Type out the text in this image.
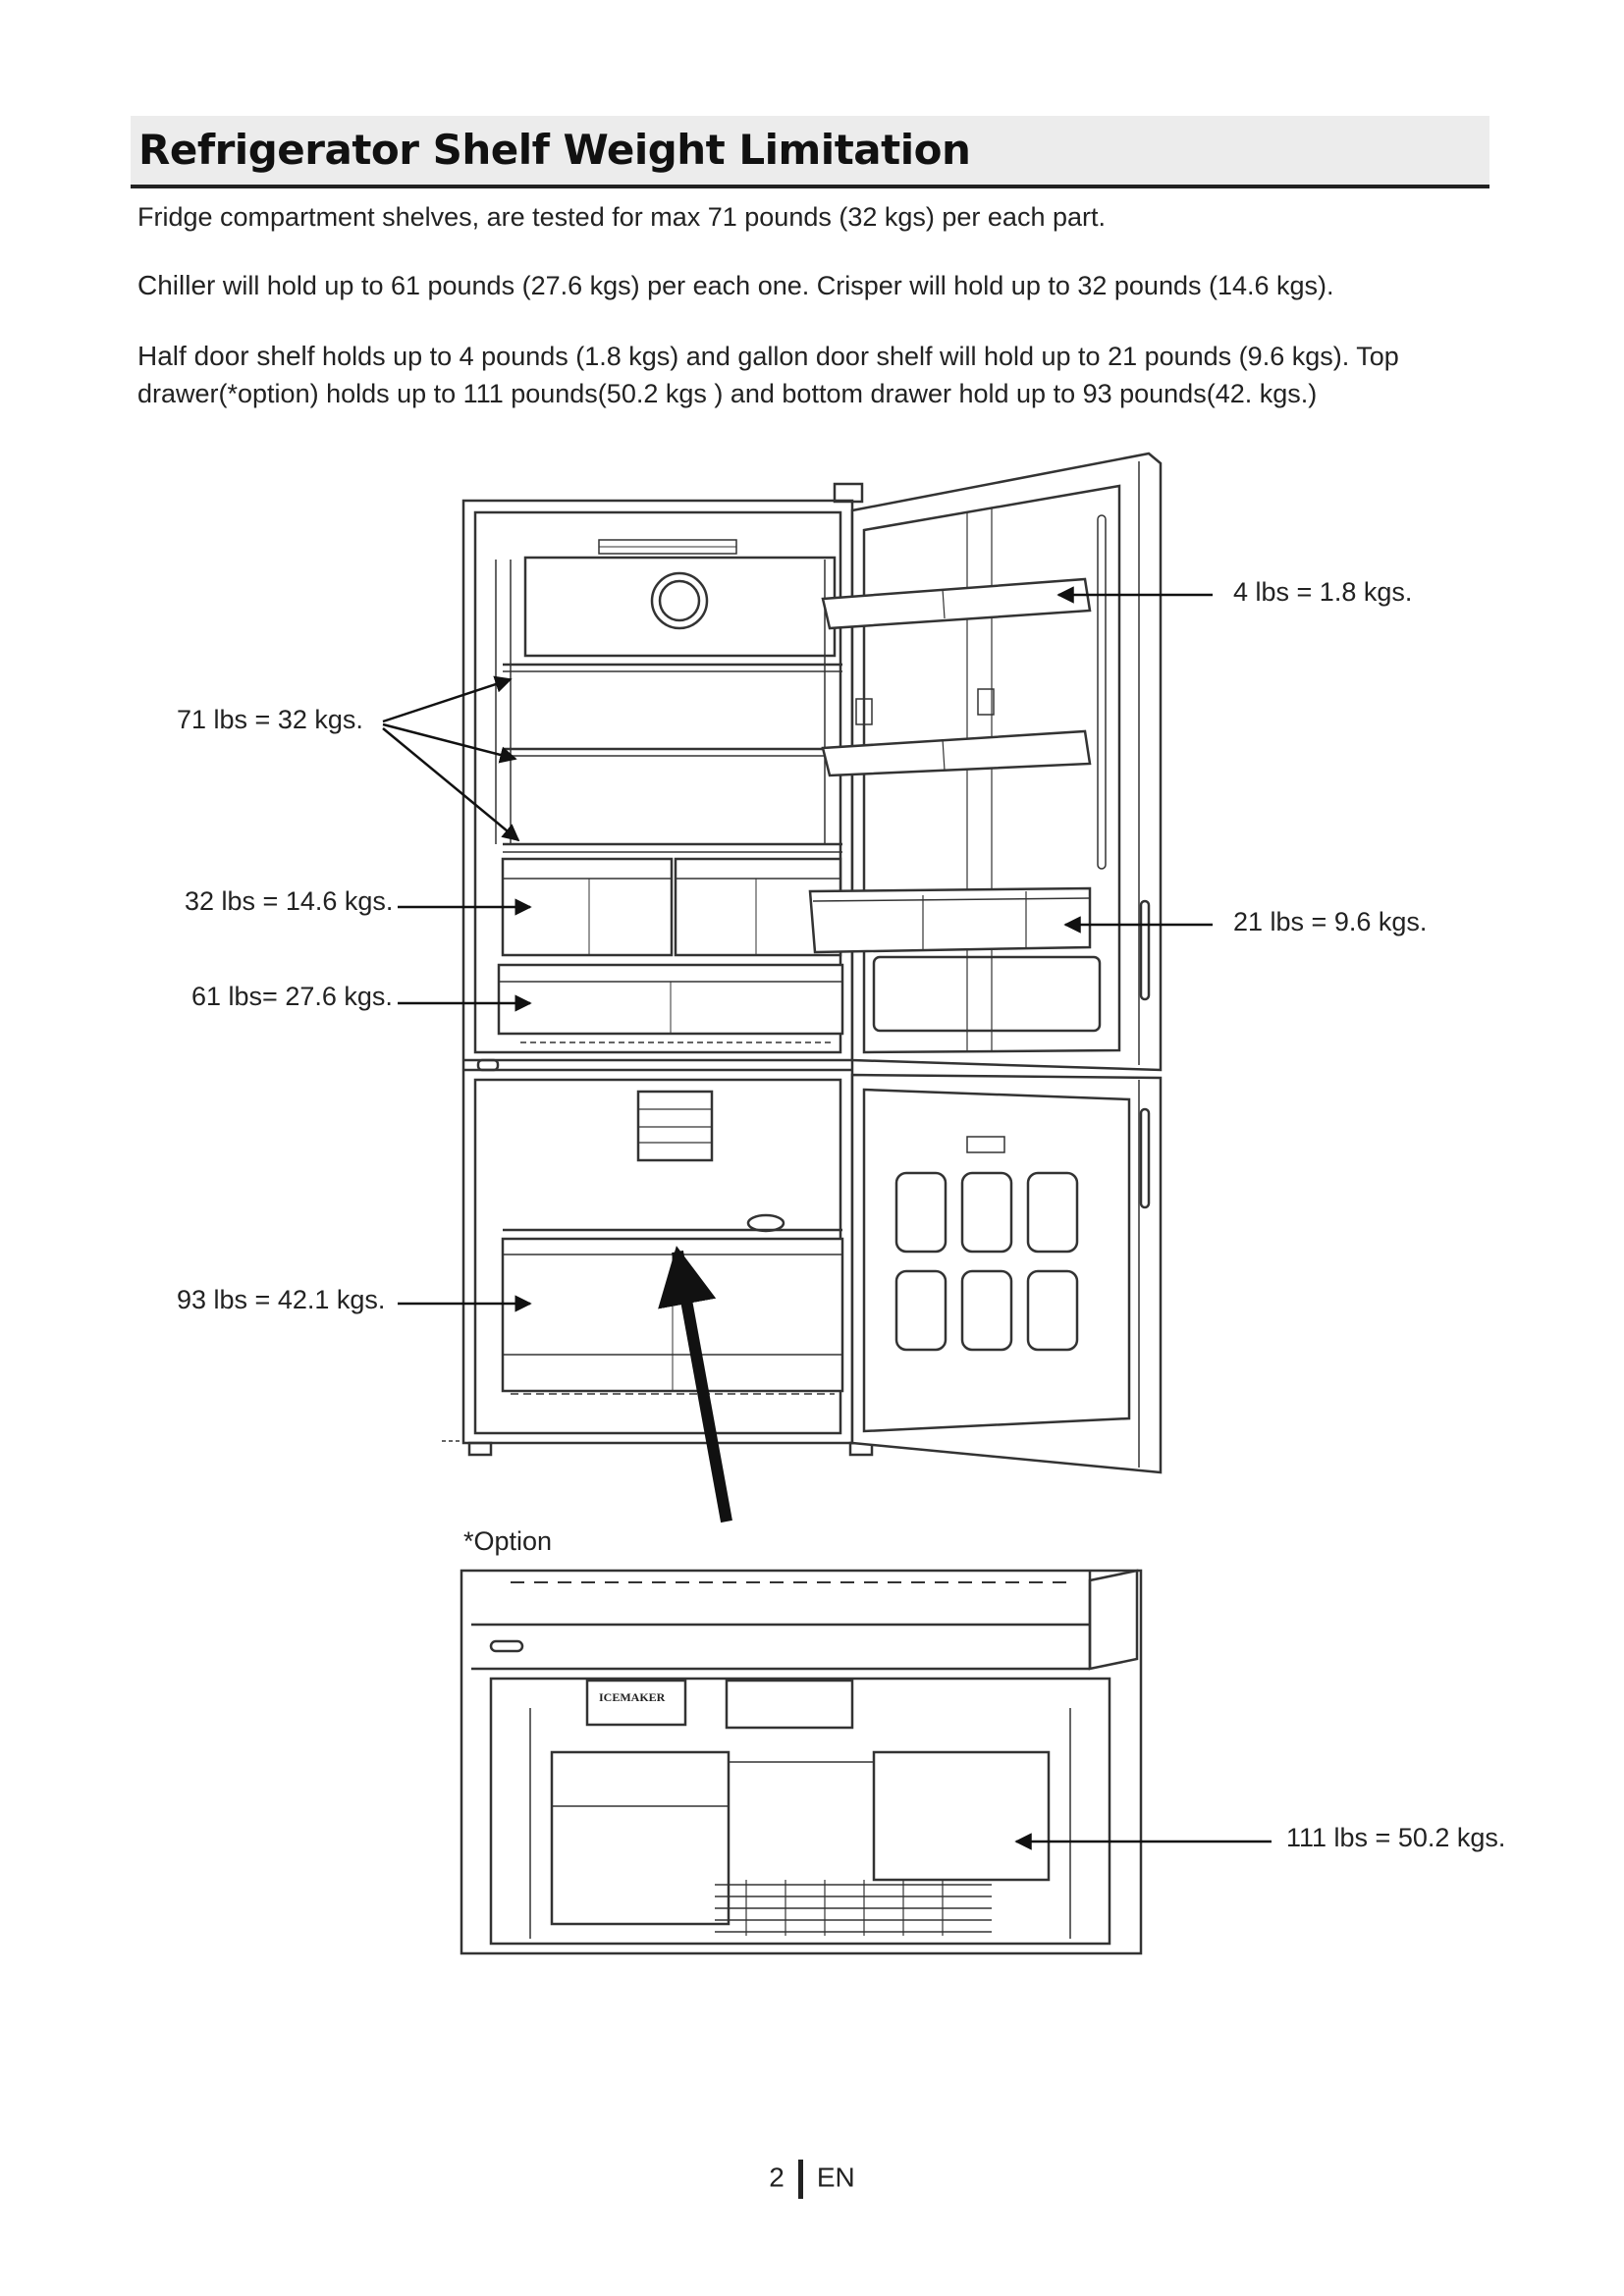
Refrigerator Shelf Weight Limitation

Fridge compartment shelves, are tested for max 71 pounds (32 kgs) per each part.

Chiller will hold up to 61 pounds (27.6 kgs) per each one. Crisper will hold up to 32 pounds (14.6 kgs).

Half door shelf holds up to 4 pounds (1.8 kgs) and gallon door shelf will hold up to 21 pounds (9.6 kgs). Top drawer(*option) holds up to 111 pounds(50.2 kgs ) and bottom drawer hold up to 93 pounds(42. kgs.)

71 lbs = 32 kgs.
32 lbs = 14.6 kgs.
61 lbs= 27.6 kgs.
93 lbs = 42.1 kgs.
4 lbs = 1.8 kgs.
21 lbs = 9.6 kgs.
*Option
111 lbs = 50.2 kgs.
ICEMAKER
2 EN
